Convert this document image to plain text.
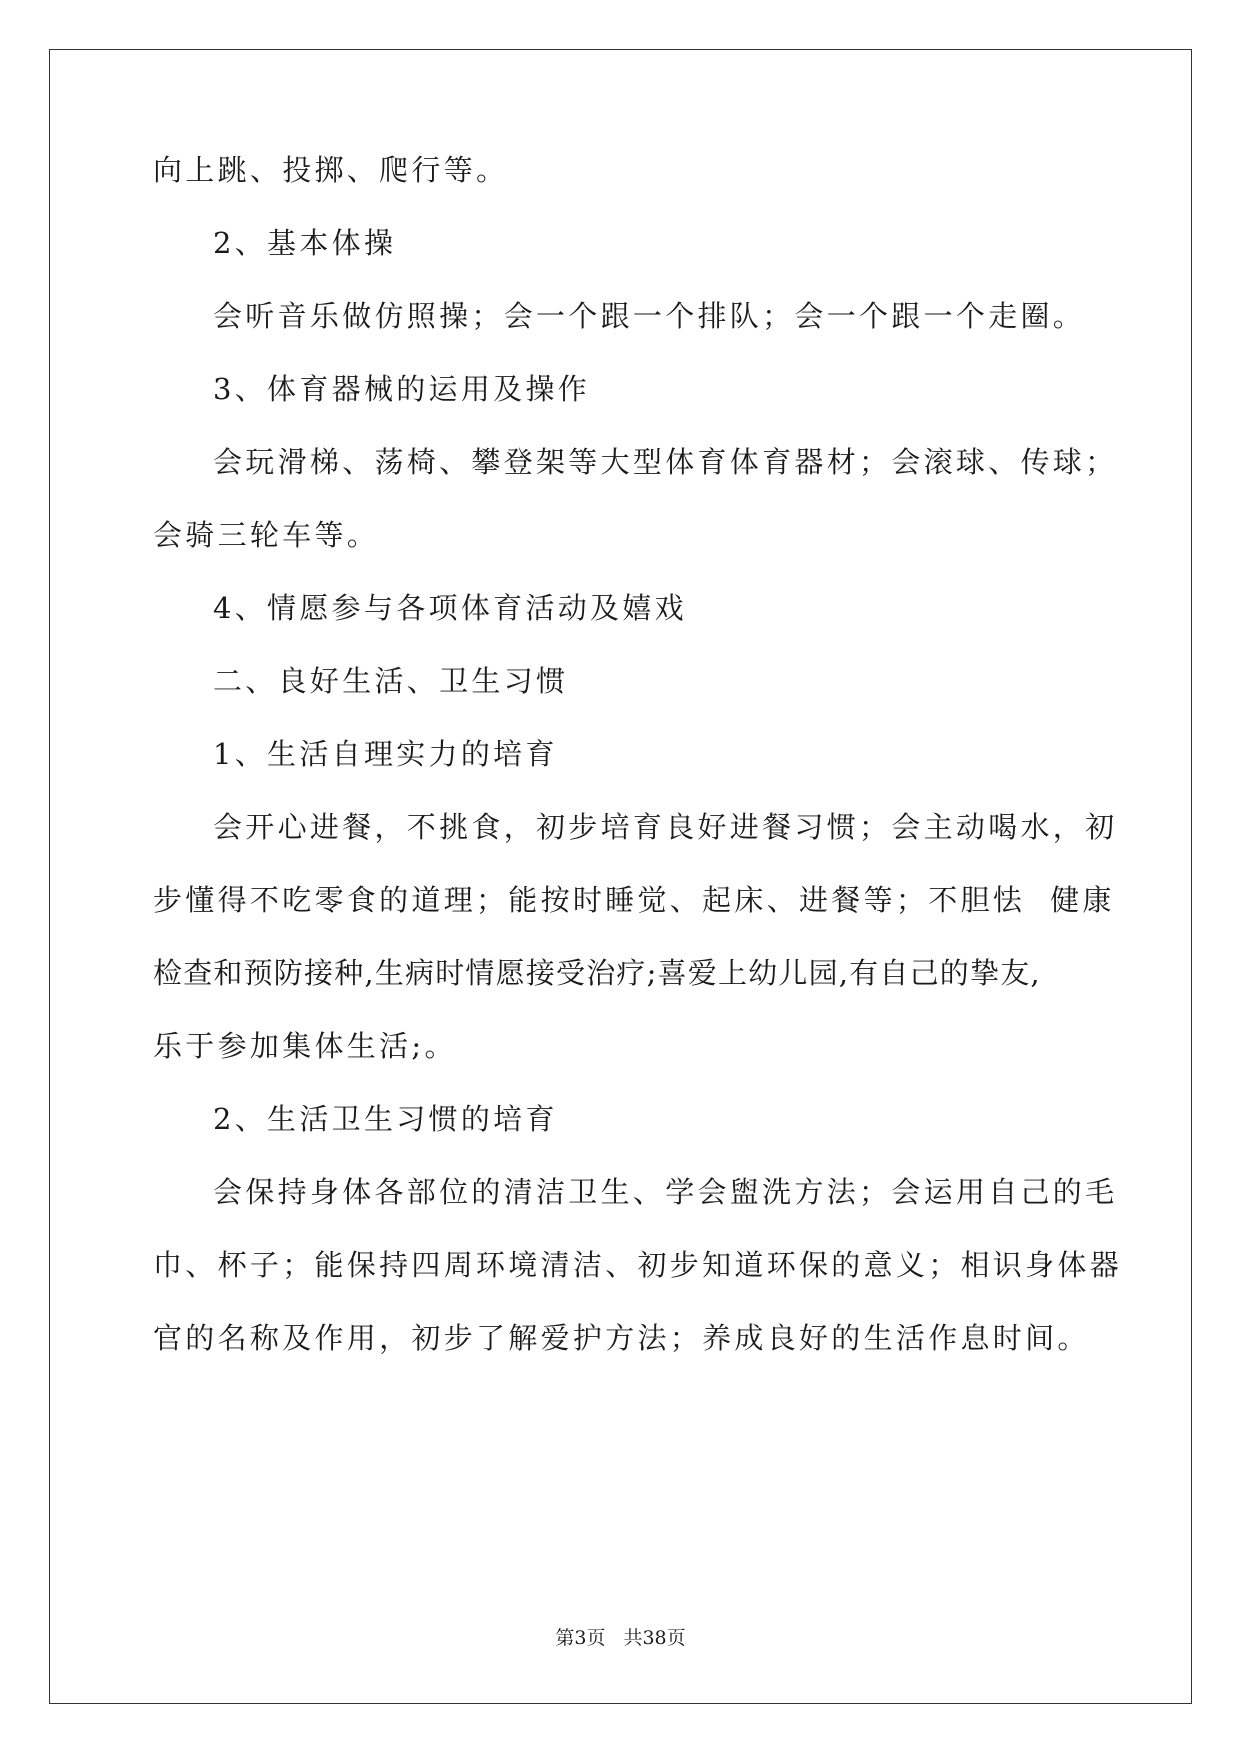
向上跳、投掷、爬行等。

2、基本体操

会听音乐做仿照操；会一个跟一个排队；会一个跟一个走圈。

3、体育器械的运用及操作

会玩滑梯、荡椅、攀登架等大型体育体育器材；会滚球、传球；

会骑三轮车等。

4、情愿参与各项体育活动及嬉戏

二、良好生活、卫生习惯

1、生活自理实力的培育

会开心进餐，不挑食，初步培育良好进餐习惯；会主动喝水，初

步懂得不吃零食的道理；能按时睡觉、起床、进餐等；不胆怯  健康

检查和预防接种,生病时情愿接受治疗;喜爱上幼儿园,有自己的挚友,

乐于参加集体生活;。

2、生活卫生习惯的培育

会保持身体各部位的清洁卫生、学会盥洗方法；会运用自己的毛

巾、杯子；能保持四周环境清洁、初步知道环保的意义；相识身体器

官的名称及作用，初步了解爱护方法；养成良好的生活作息时间。

第3页 共38页
